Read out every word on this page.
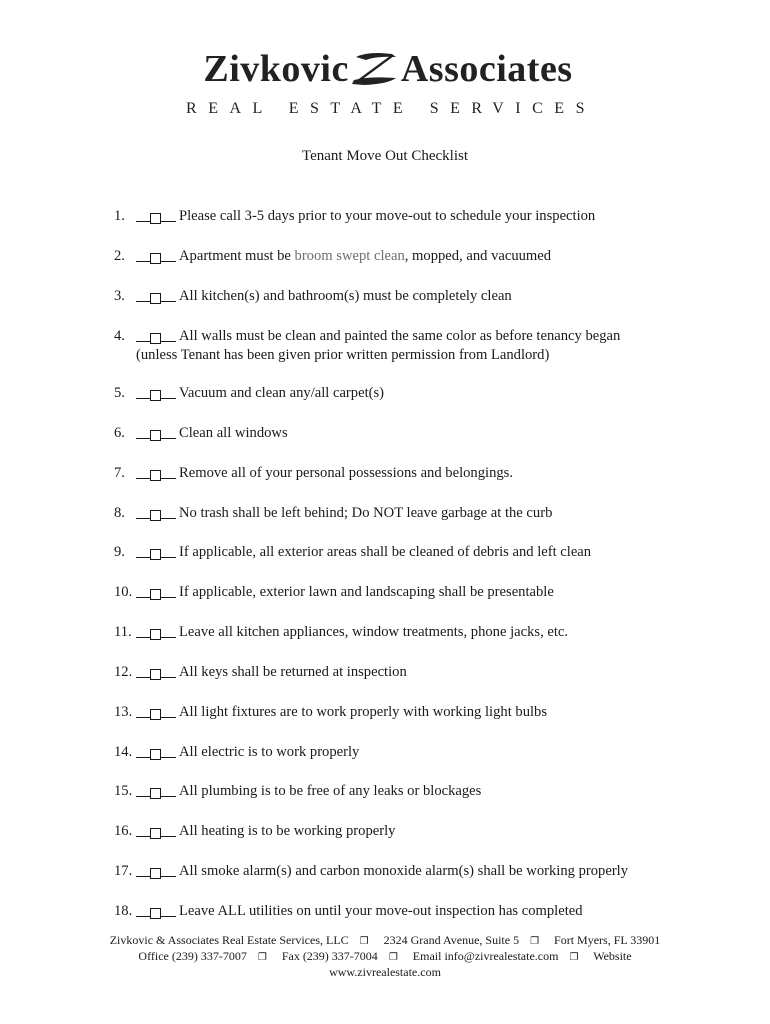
Zivkovic Associates
REAL ESTATE SERVICES
Tenant Move Out Checklist
1.	Please call 3-5 days prior to your move-out to schedule your inspection
2.	Apartment must be broom swept clean, mopped, and vacuumed
3.	All kitchen(s) and bathroom(s) must be completely clean
4.	All walls must be clean and painted the same color as before tenancy began
(unless Tenant has been given prior written permission from Landlord)
5.	Vacuum and clean any/all carpet(s)
6.	Clean all windows
7.	Remove all of your personal possessions and belongings.
8.	No trash shall be left behind; Do NOT leave garbage at the curb
9.	If applicable, all exterior areas shall be cleaned of debris and left clean
10.	If applicable, exterior lawn and landscaping shall be presentable
11.	Leave all kitchen appliances, window treatments, phone jacks, etc.
12.	All keys shall be returned at inspection
13.	All light fixtures are to work properly with working light bulbs
14.	All electric is to work properly
15.	All plumbing is to be free of any leaks or blockages
16.	All heating is to be working properly
17.	All smoke alarm(s) and carbon monoxide alarm(s) shall be working properly
18.	Leave ALL utilities on until your move-out inspection has completed
Zivkovic & Associates Real Estate Services, LLC ❐ 2324 Grand Avenue, Suite 5 ❐ Fort Myers, FL 33901
Office (239) 337-7007 ❐ Fax (239) 337-7004 ❐ Email info@zivrealestate.com ❐ Website
www.zivrealestate.com
